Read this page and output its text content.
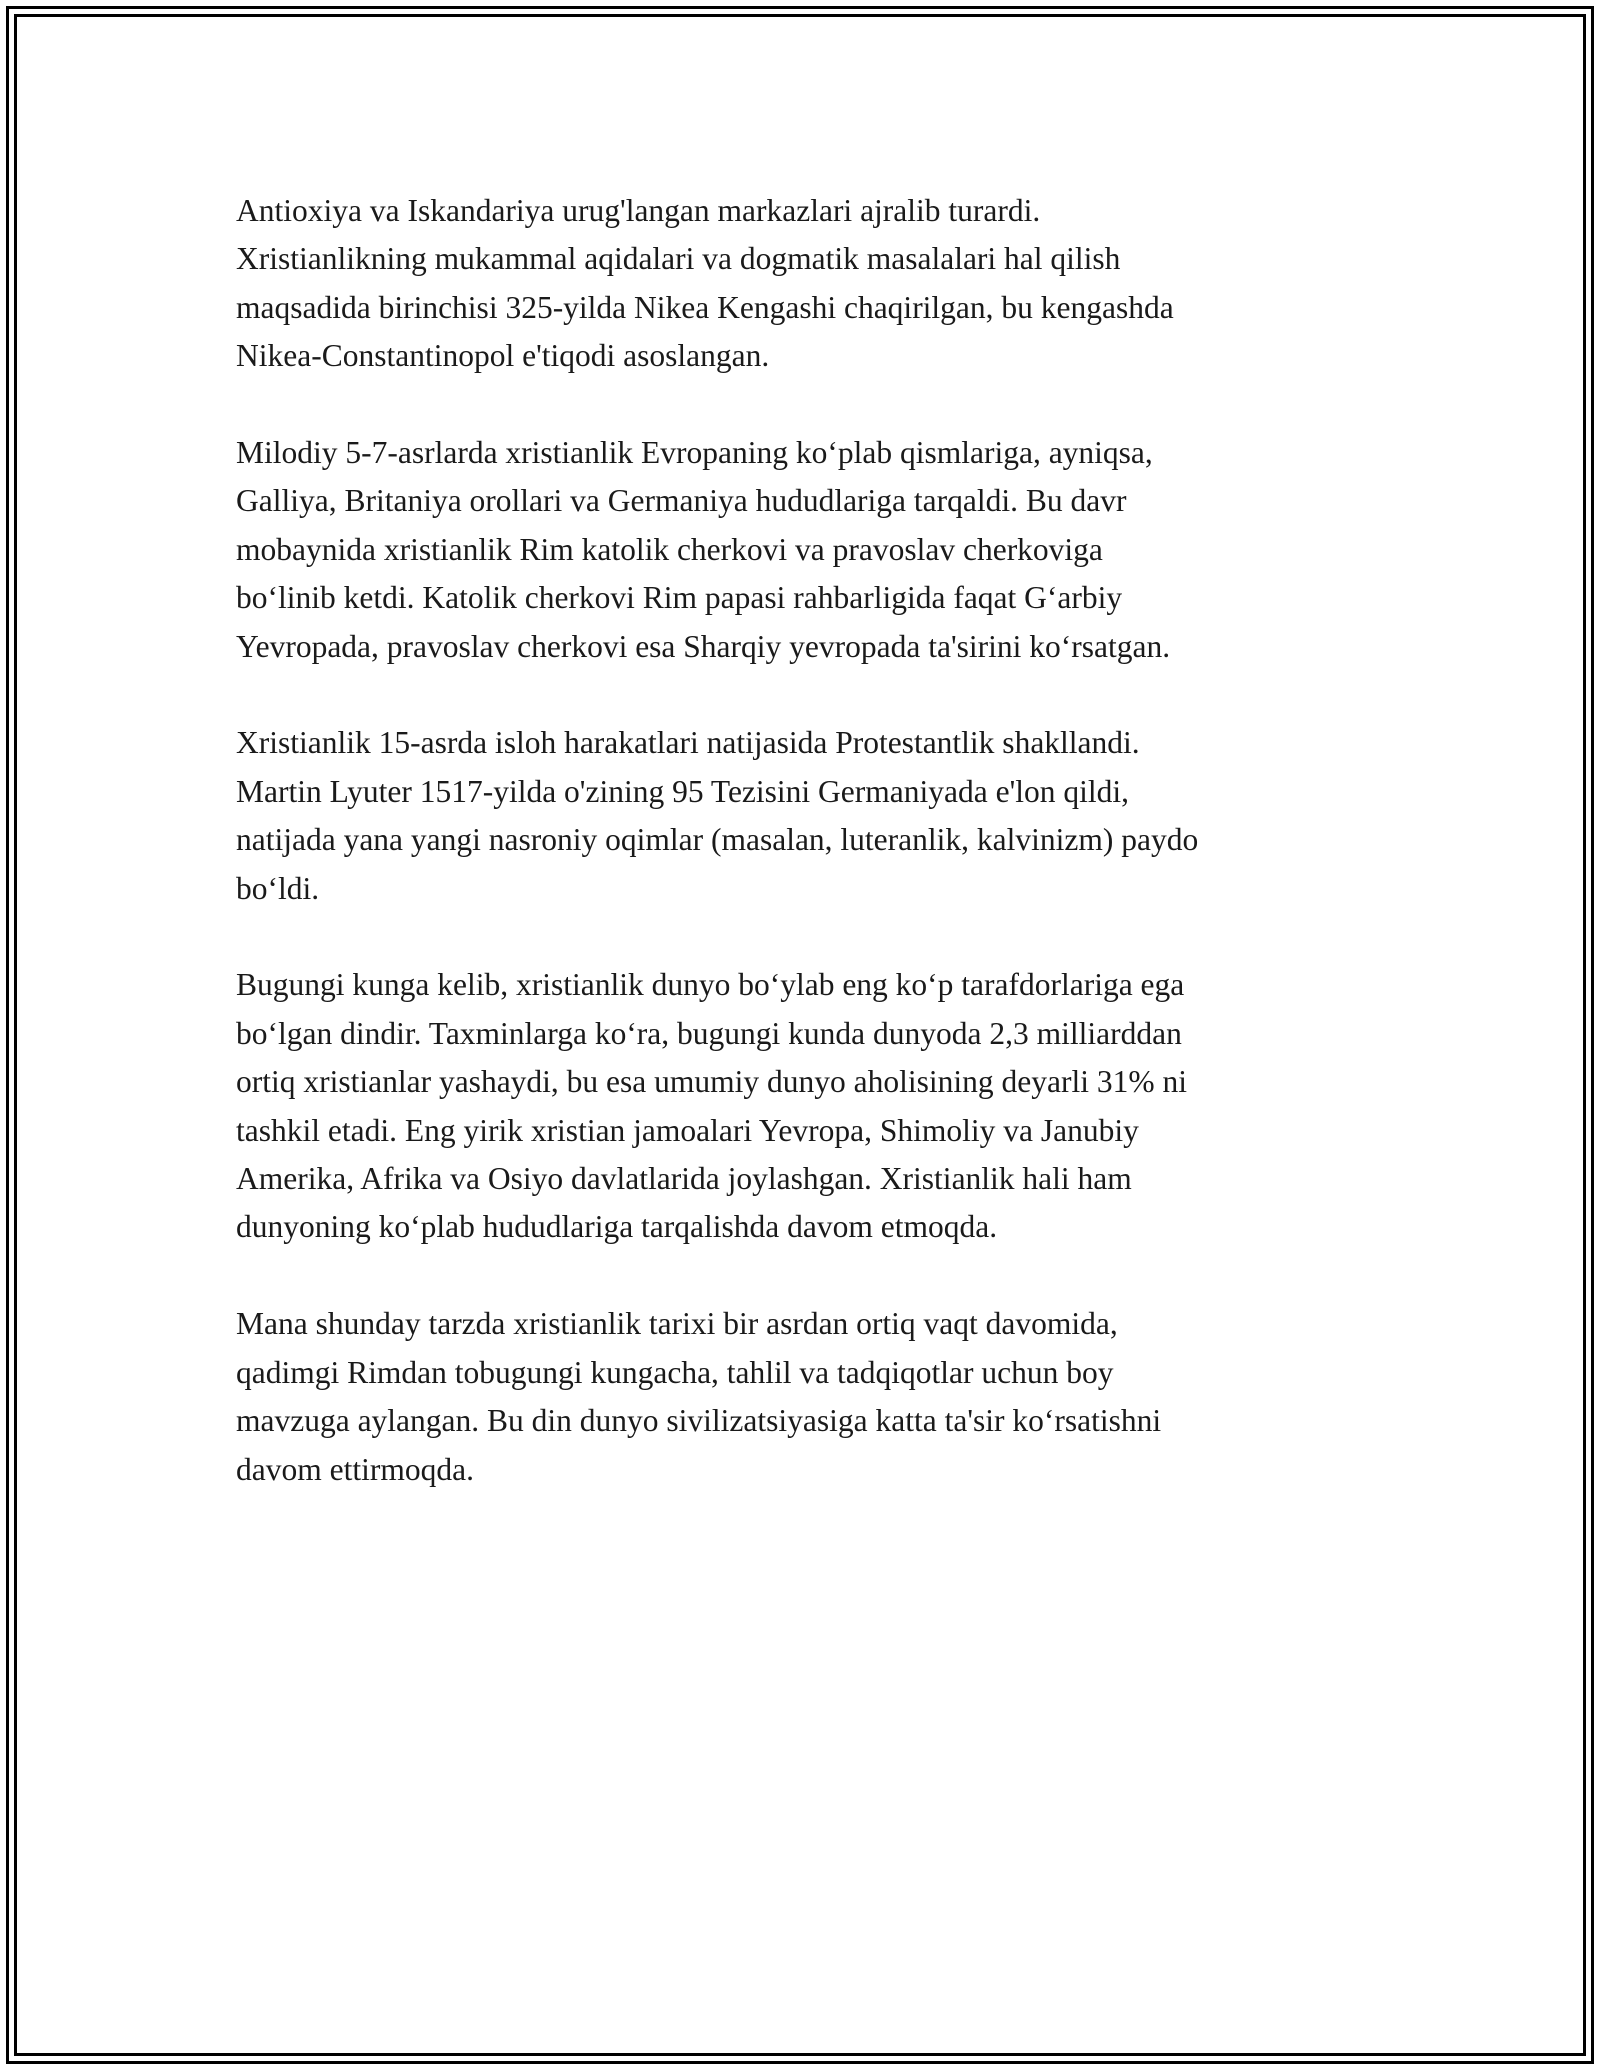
Antioxiya va Iskandariya urug'langan markazlari ajralib turardi.
Xristianlikning mukammal aqidalari va dogmatik masalalari hal qilish
maqsadida birinchisi 325-yilda Nikea Kengashi chaqirilgan, bu kengashda
Nikea-Constantinopol e'tiqodi asoslangan.

Milodiy 5-7-asrlarda xristianlik Evropaning koʻplab qismlariga, ayniqsa,
Galliya, Britaniya orollari va Germaniya hududlariga tarqaldi. Bu davr
mobaynida xristianlik Rim katolik cherkovi va pravoslav cherkoviga
boʻlinib ketdi. Katolik cherkovi Rim papasi rahbarligida faqat Gʻarbiy
Yevropada, pravoslav cherkovi esa Sharqiy yevropada ta'sirini koʻrsatgan.

Xristianlik 15-asrda isloh harakatlari natijasida Protestantlik shakllandi.
Martin Lyuter 1517-yilda o'zining 95 Tezisini Germaniyada e'lon qildi,
natijada yana yangi nasroniy oqimlar (masalan, luteranlik, kalvinizm) paydo
boʻldi.

Bugungi kunga kelib, xristianlik dunyo boʻylab eng koʻp tarafdorlariga ega
boʻlgan dindir. Taxminlarga koʻra, bugungi kunda dunyoda 2,3 milliarddan
ortiq xristianlar yashaydi, bu esa umumiy dunyo aholisining deyarli 31% ni
tashkil etadi. Eng yirik xristian jamoalari Yevropa, Shimoliy va Janubiy
Amerika, Afrika va Osiyo davlatlarida joylashgan. Xristianlik hali ham
dunyoning koʻplab hududlariga tarqalishda davom etmoqda.

Mana shunday tarzda xristianlik tarixi bir asrdan ortiq vaqt davomida,
qadimgi Rimdan tobugungi kungacha, tahlil va tadqiqotlar uchun boy
mavzuga aylangan. Bu din dunyo sivilizatsiyasiga katta ta'sir koʻrsatishni
davom ettirmoqda.
